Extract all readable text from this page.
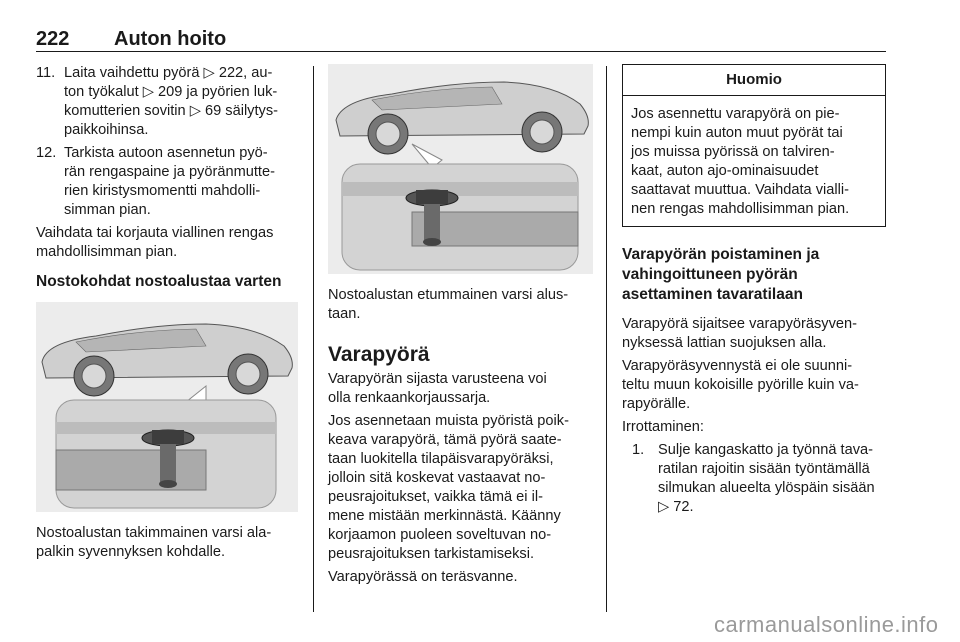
222 Auton hoito
11. Laita vaihdettu pyörä ▷ 222, au-
ton työkalut ▷ 209 ja pyörien luk-
komutterien sovitin ▷ 69 säilytys-
paikkoihinsa.
12. Tarkista autoon asennetun pyö-
rän rengaspaine ja pyöränmutte-
rien kiristysmomentti mahdolli-
simman pian.
Vaihdata tai korjauta viallinen rengas
mahdollisimman pian.
Nostokohdat nostoalustaa varten
Nostoalustan takimmainen varsi ala-
palkin syvennyksen kohdalle.
Nostoalustan etummainen varsi alus-
taan.
Varapyörä
Varapyörän sijasta varusteena voi
olla renkaankorjaussarja.
Jos asennetaan muista pyöristä poik-
keava varapyörä, tämä pyörä saate-
taan luokitella tilapäisvarapyöräksi,
jolloin sitä koskevat vastaavat no-
peusrajoitukset, vaikka tämä ei il-
mene mistään merkinnästä. Käänny
korjaamon puoleen soveltuvan no-
peusrajoituksen tarkistamiseksi.
Varapyörässä on teräsvanne.
Huomio
Jos asennettu varapyörä on pie-
nempi kuin auton muut pyörät tai
jos muissa pyörissä on talviren-
kaat, auton ajo-ominaisuudet
saattavat muuttua. Vaihdata vialli-
nen rengas mahdollisimman pian.
Varapyörän poistaminen ja
vahingoittuneen pyörän
asettaminen tavaratilaan
Varapyörä sijaitsee varapyöräsyven-
nyksessä lattian suojuksen alla.
Varapyöräsyvennystä ei ole suunni-
teltu muun kokoisille pyörille kuin va-
rapyörälle.
Irrottaminen:
1. Sulje kangaskatto ja työnnä tava-
ratilan rajoitin sisään työntämällä
silmukan alueelta ylöspäin sisään
▷ 72.
carmanualsonline.info
